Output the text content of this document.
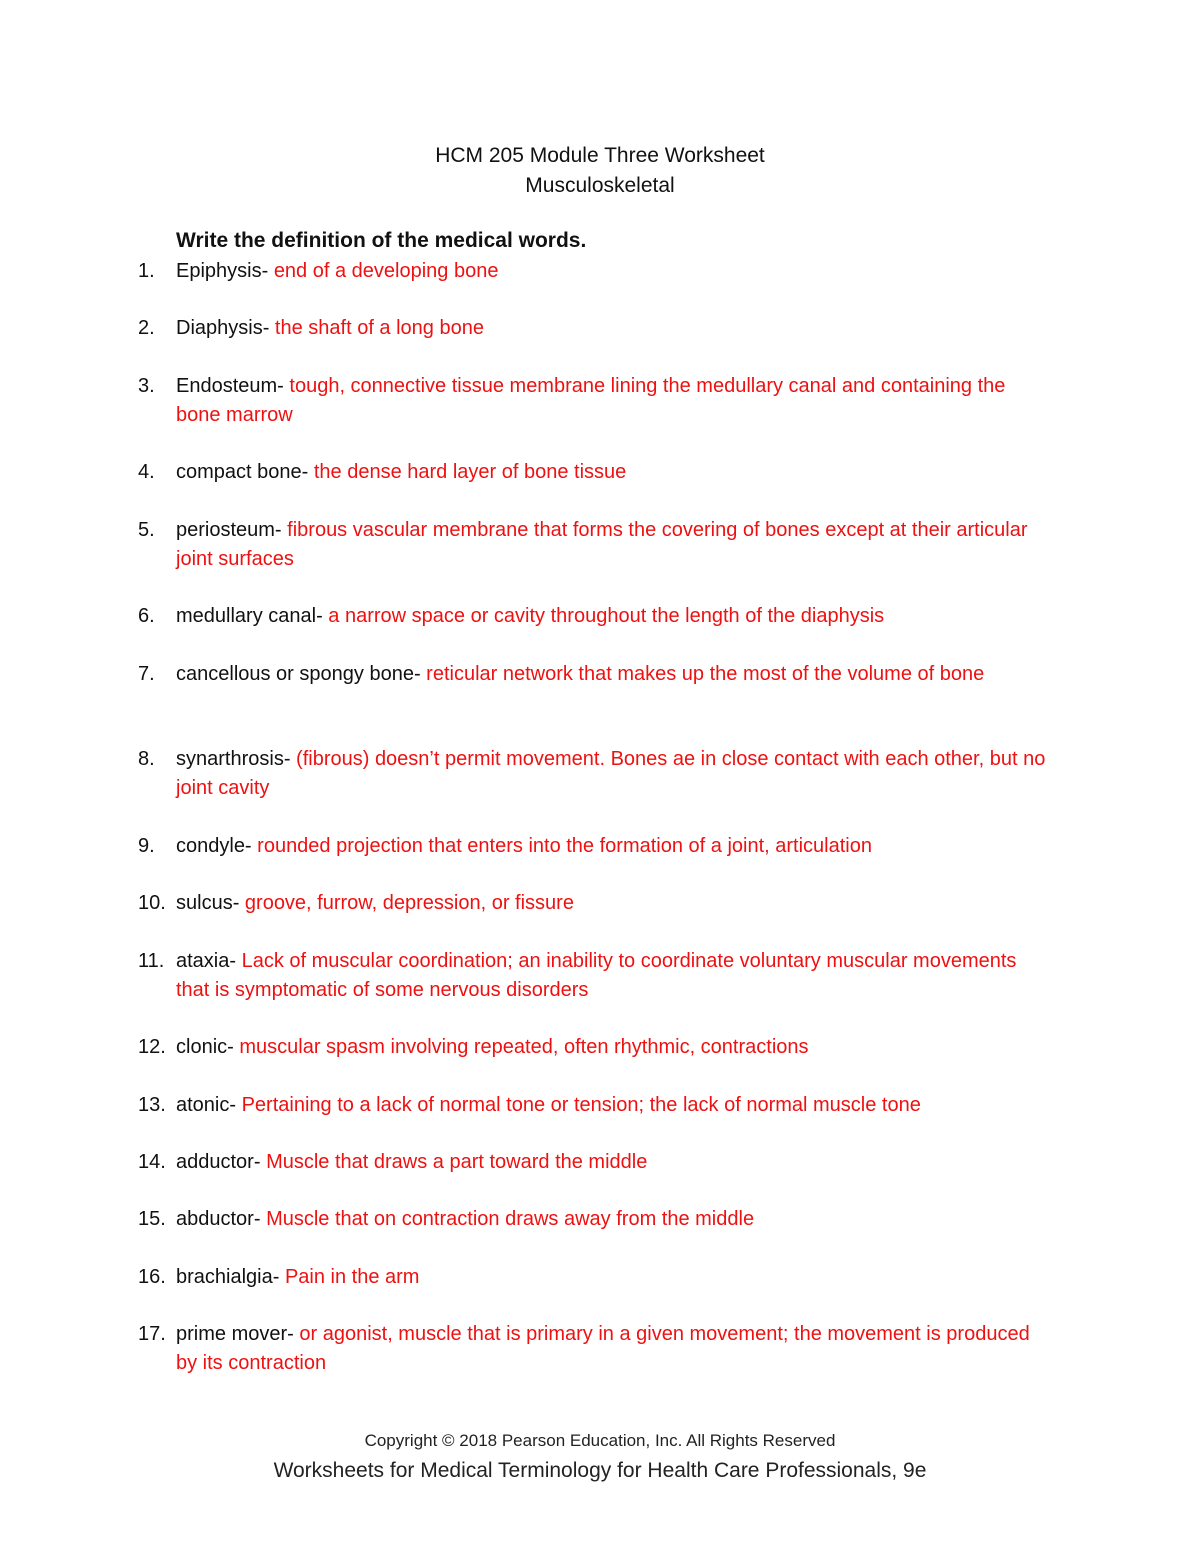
HCM 205 Module Three Worksheet
Musculoskeletal
Write the definition of the medical words.
1.	Epiphysis- end of a developing bone
2.	Diaphysis- the shaft of a long bone
3.	Endosteum- tough, connective tissue membrane lining the medullary canal and containing the bone marrow
4.	compact bone- the dense hard layer of bone tissue
5.	periosteum- fibrous vascular membrane that forms the covering of bones except at their articular joint surfaces
6.	medullary canal- a narrow space or cavity throughout the length of the diaphysis
7.	cancellous or spongy bone- reticular network that makes up the most of the volume of bone
8.	synarthrosis- (fibrous) doesn’t permit movement. Bones ae in close contact with each other, but no joint cavity
9.	condyle- rounded projection that enters into the formation of a joint, articulation
10. sulcus- groove, furrow, depression, or fissure
11. ataxia- Lack of muscular coordination; an inability to coordinate voluntary muscular movements that is symptomatic of some nervous disorders
12. clonic- muscular spasm involving repeated, often rhythmic, contractions
13. atonic- Pertaining to a lack of normal tone or tension; the lack of normal muscle tone
14. adductor- Muscle that draws a part toward the middle
15. abductor- Muscle that on contraction draws away from the middle
16. brachialgia- Pain in the arm
17. prime mover- or agonist, muscle that is primary in a given movement; the movement is produced by its contraction
Copyright © 2018 Pearson Education, Inc. All Rights Reserved
Worksheets for Medical Terminology for Health Care Professionals, 9e
